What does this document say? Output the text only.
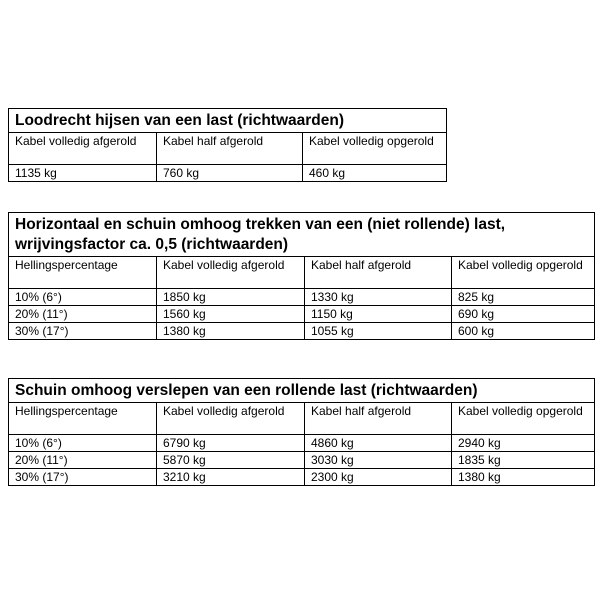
Loodrecht hijsen van een last (richtwaarden)		
Kabel volledig afgerold	Kabel half afgerold	Kabel volledig opgerold
1135 kg	760 kg	460 kg
Horizontaal en schuin omhoog trekken van een (niet rollende) last, wrijvingsfactor ca. 0,5 (richtwaarden)			
Hellingspercentage	Kabel volledig afgerold	Kabel half afgerold	Kabel volledig opgerold
10% (6°)	1850 kg	1330 kg	825 kg
20% (11°)	1560 kg	1150 kg	690 kg
30% (17°)	1380 kg	1055 kg	600 kg
Schuin omhoog verslepen van een rollende last (richtwaarden)			
Hellingspercentage	Kabel volledig afgerold	Kabel half afgerold	Kabel volledig opgerold
10% (6°)	6790 kg	4860 kg	2940 kg
20% (11°)	5870 kg	3030 kg	1835 kg
30% (17°)	3210 kg	2300 kg	1380 kg
